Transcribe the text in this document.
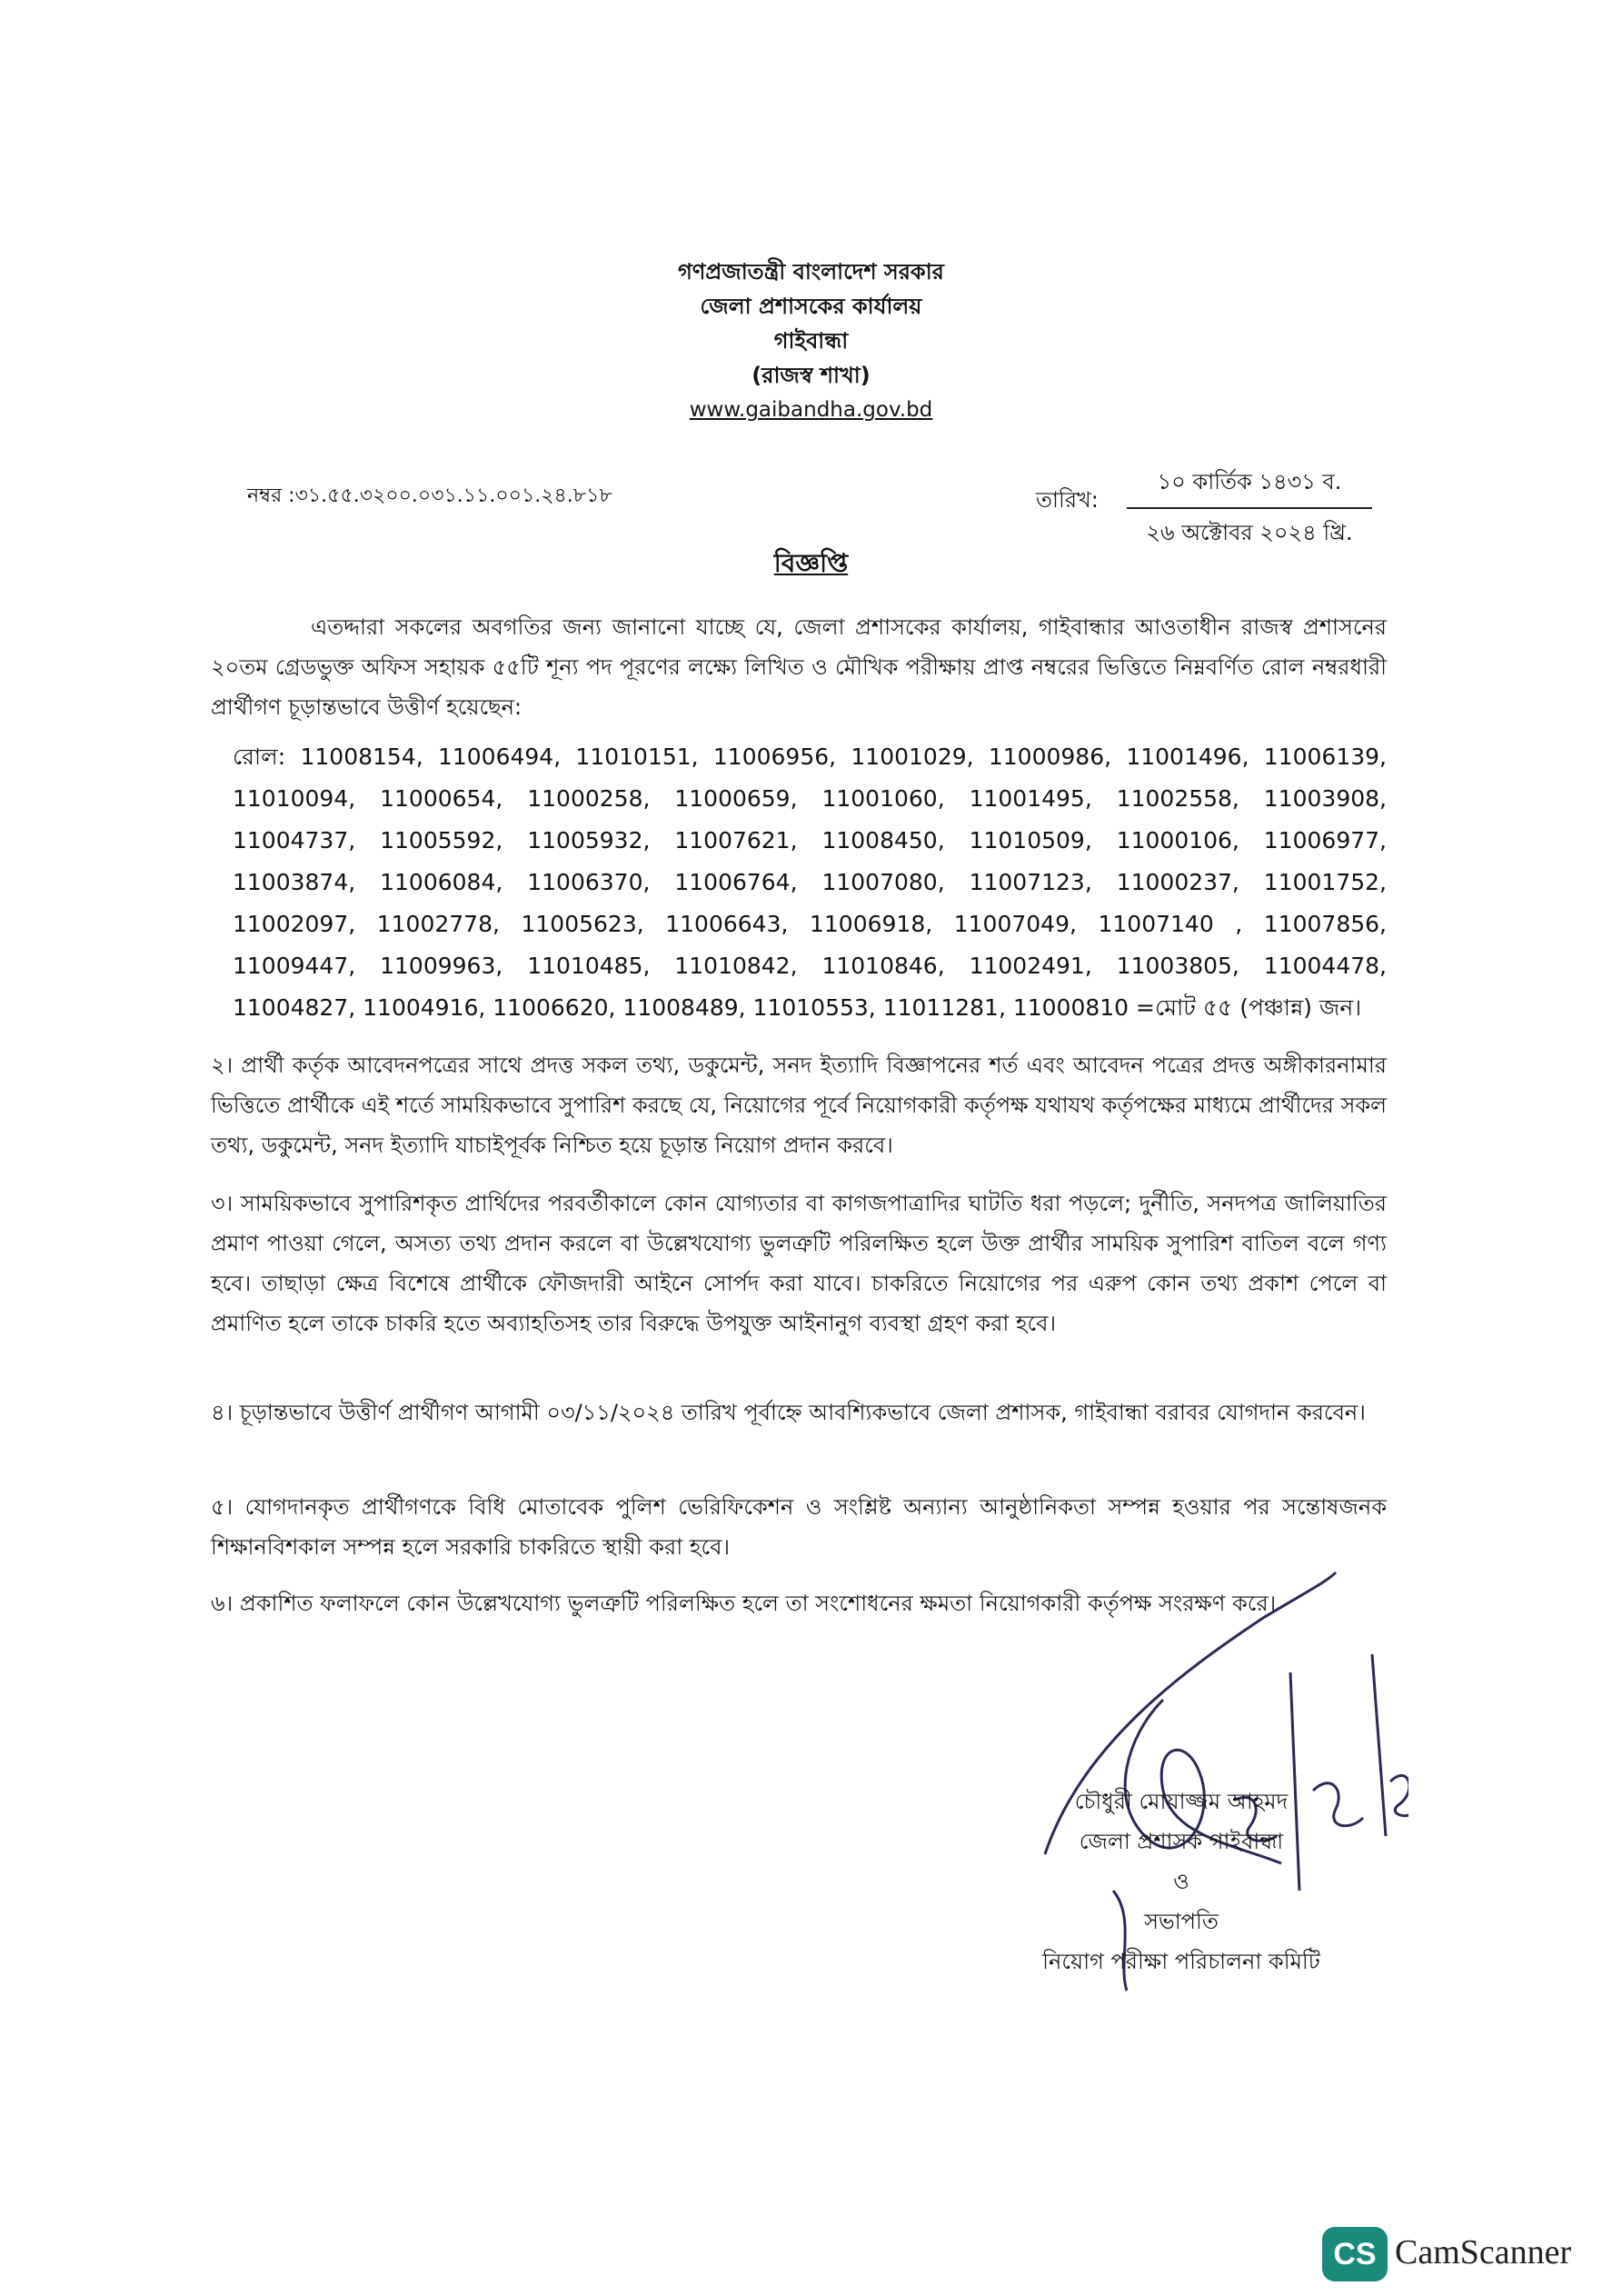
গণপ্রজাতন্ত্রী বাংলাদেশ সরকার
জেলা প্রশাসকের কার্যালয়
গাইবান্ধা
(রাজস্ব শাখা)
www.gaibandha.gov.bd
নম্বর :৩১.৫৫.৩২০০.০৩১.১১.০০১.২৪.৮১৮	তারিখ:
১০ কার্তিক ১৪৩১ ব.
২৬ অক্টোবর ২০২৪ খ্রি.
বিজ্ঞপ্তি
এতদ্দারা সকলের অবগতির জন্য জানানো যাচ্ছে যে, জেলা প্রশাসকের কার্যালয়, গাইবান্ধার আওতাধীন রাজস্ব প্রশাসনের ২০তম গ্রেডভুক্ত অফিস সহায়ক ৫৫টি শূন্য পদ পূরণের লক্ষ্যে লিখিত ও মৌখিক পরীক্ষায় প্রাপ্ত নম্বরের ভিত্তিতে নিম্নবর্ণিত রোল নম্বরধারী প্রার্থীগণ চূড়ান্তভাবে উত্তীর্ণ হয়েছেন:
রোল: 11008154, 11006494, 11010151, 11006956, 11001029, 11000986, 11001496, 11006139, 11010094, 11000654, 11000258, 11000659, 11001060, 11001495, 11002558, 11003908, 11004737, 11005592, 11005932, 11007621, 11008450, 11010509, 11000106, 11006977, 11003874, 11006084, 11006370, 11006764, 11007080, 11007123, 11000237, 11001752, 11002097, 11002778, 11005623, 11006643, 11006918, 11007049, 11007140 , 11007856, 11009447, 11009963, 11010485, 11010842, 11010846, 11002491, 11003805, 11004478, 11004827, 11004916, 11006620, 11008489, 11010553, 11011281, 11000810 =মোট ৫৫ (পঞ্চান্ন) জন।
২। প্রার্থী কর্তৃক আবেদনপত্রের সাথে প্রদত্ত সকল তথ্য, ডকুমেন্ট, সনদ ইত্যাদি বিজ্ঞাপনের শর্ত এবং আবেদন পত্রের প্রদত্ত অঙ্গীকারনামার ভিত্তিতে প্রার্থীকে এই শর্তে সাময়িকভাবে সুপারিশ করছে যে, নিয়োগের পূর্বে নিয়োগকারী কর্তৃপক্ষ যথাযথ কর্তৃপক্ষের মাধ্যমে প্রার্থীদের সকল তথ্য, ডকুমেন্ট, সনদ ইত্যাদি যাচাইপূর্বক নিশ্চিত হয়ে চূড়ান্ত নিয়োগ প্রদান করবে।
৩। সাময়িকভাবে সুপারিশকৃত প্রার্থিদের পরবর্তীকালে কোন যোগ্যতার বা কাগজপাত্রাদির ঘাটতি ধরা পড়লে; দুর্নীতি, সনদপত্র জালিয়াতির প্রমাণ পাওয়া গেলে, অসত্য তথ্য প্রদান করলে বা উল্লেখযোগ্য ভুলত্রুটি পরিলক্ষিত হলে উক্ত প্রার্থীর সাময়িক সুপারিশ বাতিল বলে গণ্য হবে। তাছাড়া ক্ষেত্র বিশেষে প্রার্থীকে ফৌজদারী আইনে সোর্পদ করা যাবে। চাকরিতে নিয়োগের পর এরুপ কোন তথ্য প্রকাশ পেলে বা প্রমাণিত হলে তাকে চাকরি হতে অব্যাহতিসহ তার বিরুদ্ধে উপযুক্ত আইনানুগ ব্যবস্থা গ্রহণ করা হবে।
৪। চূড়ান্তভাবে উত্তীর্ণ প্রার্থীগণ আগামী ০৩/১১/২০২৪ তারিখ পূর্বাহ্নে আবশ্যিকভাবে জেলা প্রশাসক, গাইবান্ধা বরাবর যোগদান করবেন।
৫। যোগদানকৃত প্রার্থীগণকে বিধি মোতাবেক পুলিশ ভেরিফিকেশন ও সংশ্লিষ্ট অন্যান্য আনুষ্ঠানিকতা সম্পন্ন হওয়ার পর সন্তোষজনক শিক্ষানবিশকাল সম্পন্ন হলে সরকারি চাকরিতে স্থায়ী করা হবে।
৬। প্রকাশিত ফলাফলে কোন উল্লেখযোগ্য ভুলত্রুটি পরিলক্ষিত হলে তা সংশোধনের ক্ষমতা নিয়োগকারী কর্তৃপক্ষ সংরক্ষণ করে।
চৌধুরী মোয়াজ্জম আহমদ
জেলা প্রশাসক গাইবান্ধা
ও
সভাপতি
নিয়োগ পরীক্ষা পরিচালনা কমিটি
CS CamScanner
